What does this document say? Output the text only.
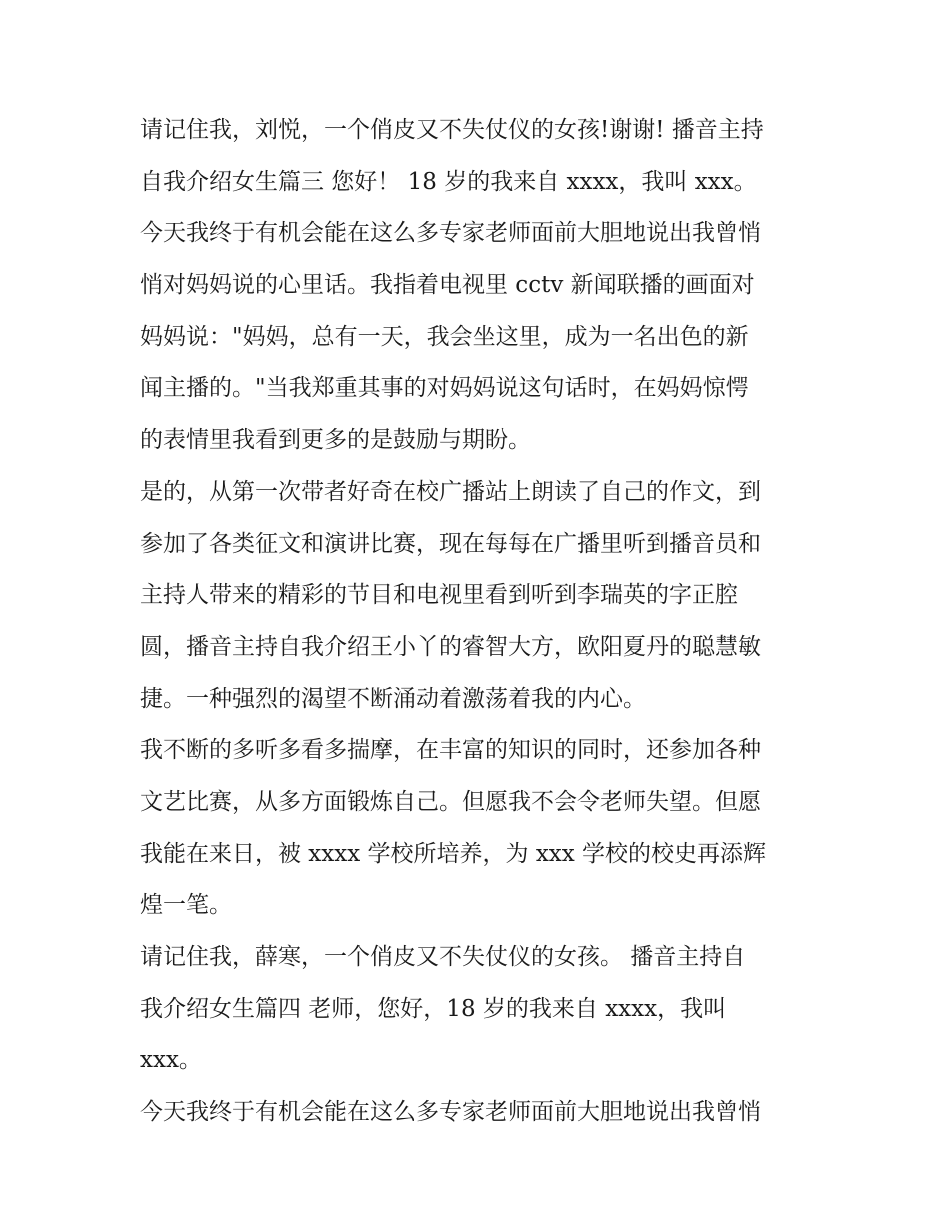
请记住我，刘悦，一个俏皮又不失仗仪的女孩!谢谢! 播音主持
自我介绍女生篇三 您好！ 18 岁的我来自 xxxx，我叫 xxx。
今天我终于有机会能在这么多专家老师面前大胆地说出我曾悄
悄对妈妈说的心里话。我指着电视里 cctv 新闻联播的画面对
妈妈说："妈妈，总有一天，我会坐这里，成为一名出色的新
闻主播的。"当我郑重其事的对妈妈说这句话时，在妈妈惊愕
的表情里我看到更多的是鼓励与期盼。
是的，从第一次带者好奇在校广播站上朗读了自己的作文，到
参加了各类征文和演讲比赛，现在每每在广播里听到播音员和
主持人带来的精彩的节目和电视里看到听到李瑞英的字正腔
圆，播音主持自我介绍王小丫的睿智大方，欧阳夏丹的聪慧敏
捷。一种强烈的渴望不断涌动着激荡着我的内心。
我不断的多听多看多揣摩，在丰富的知识的同时，还参加各种
文艺比赛，从多方面锻炼自己。但愿我不会令老师失望。但愿
我能在来日，被 xxxx 学校所培养，为 xxx 学校的校史再添辉
煌一笔。
请记住我，薛寒，一个俏皮又不失仗仪的女孩。 播音主持自
我介绍女生篇四 老师，您好，18 岁的我来自 xxxx，我叫
xxx。
今天我终于有机会能在这么多专家老师面前大胆地说出我曾悄
